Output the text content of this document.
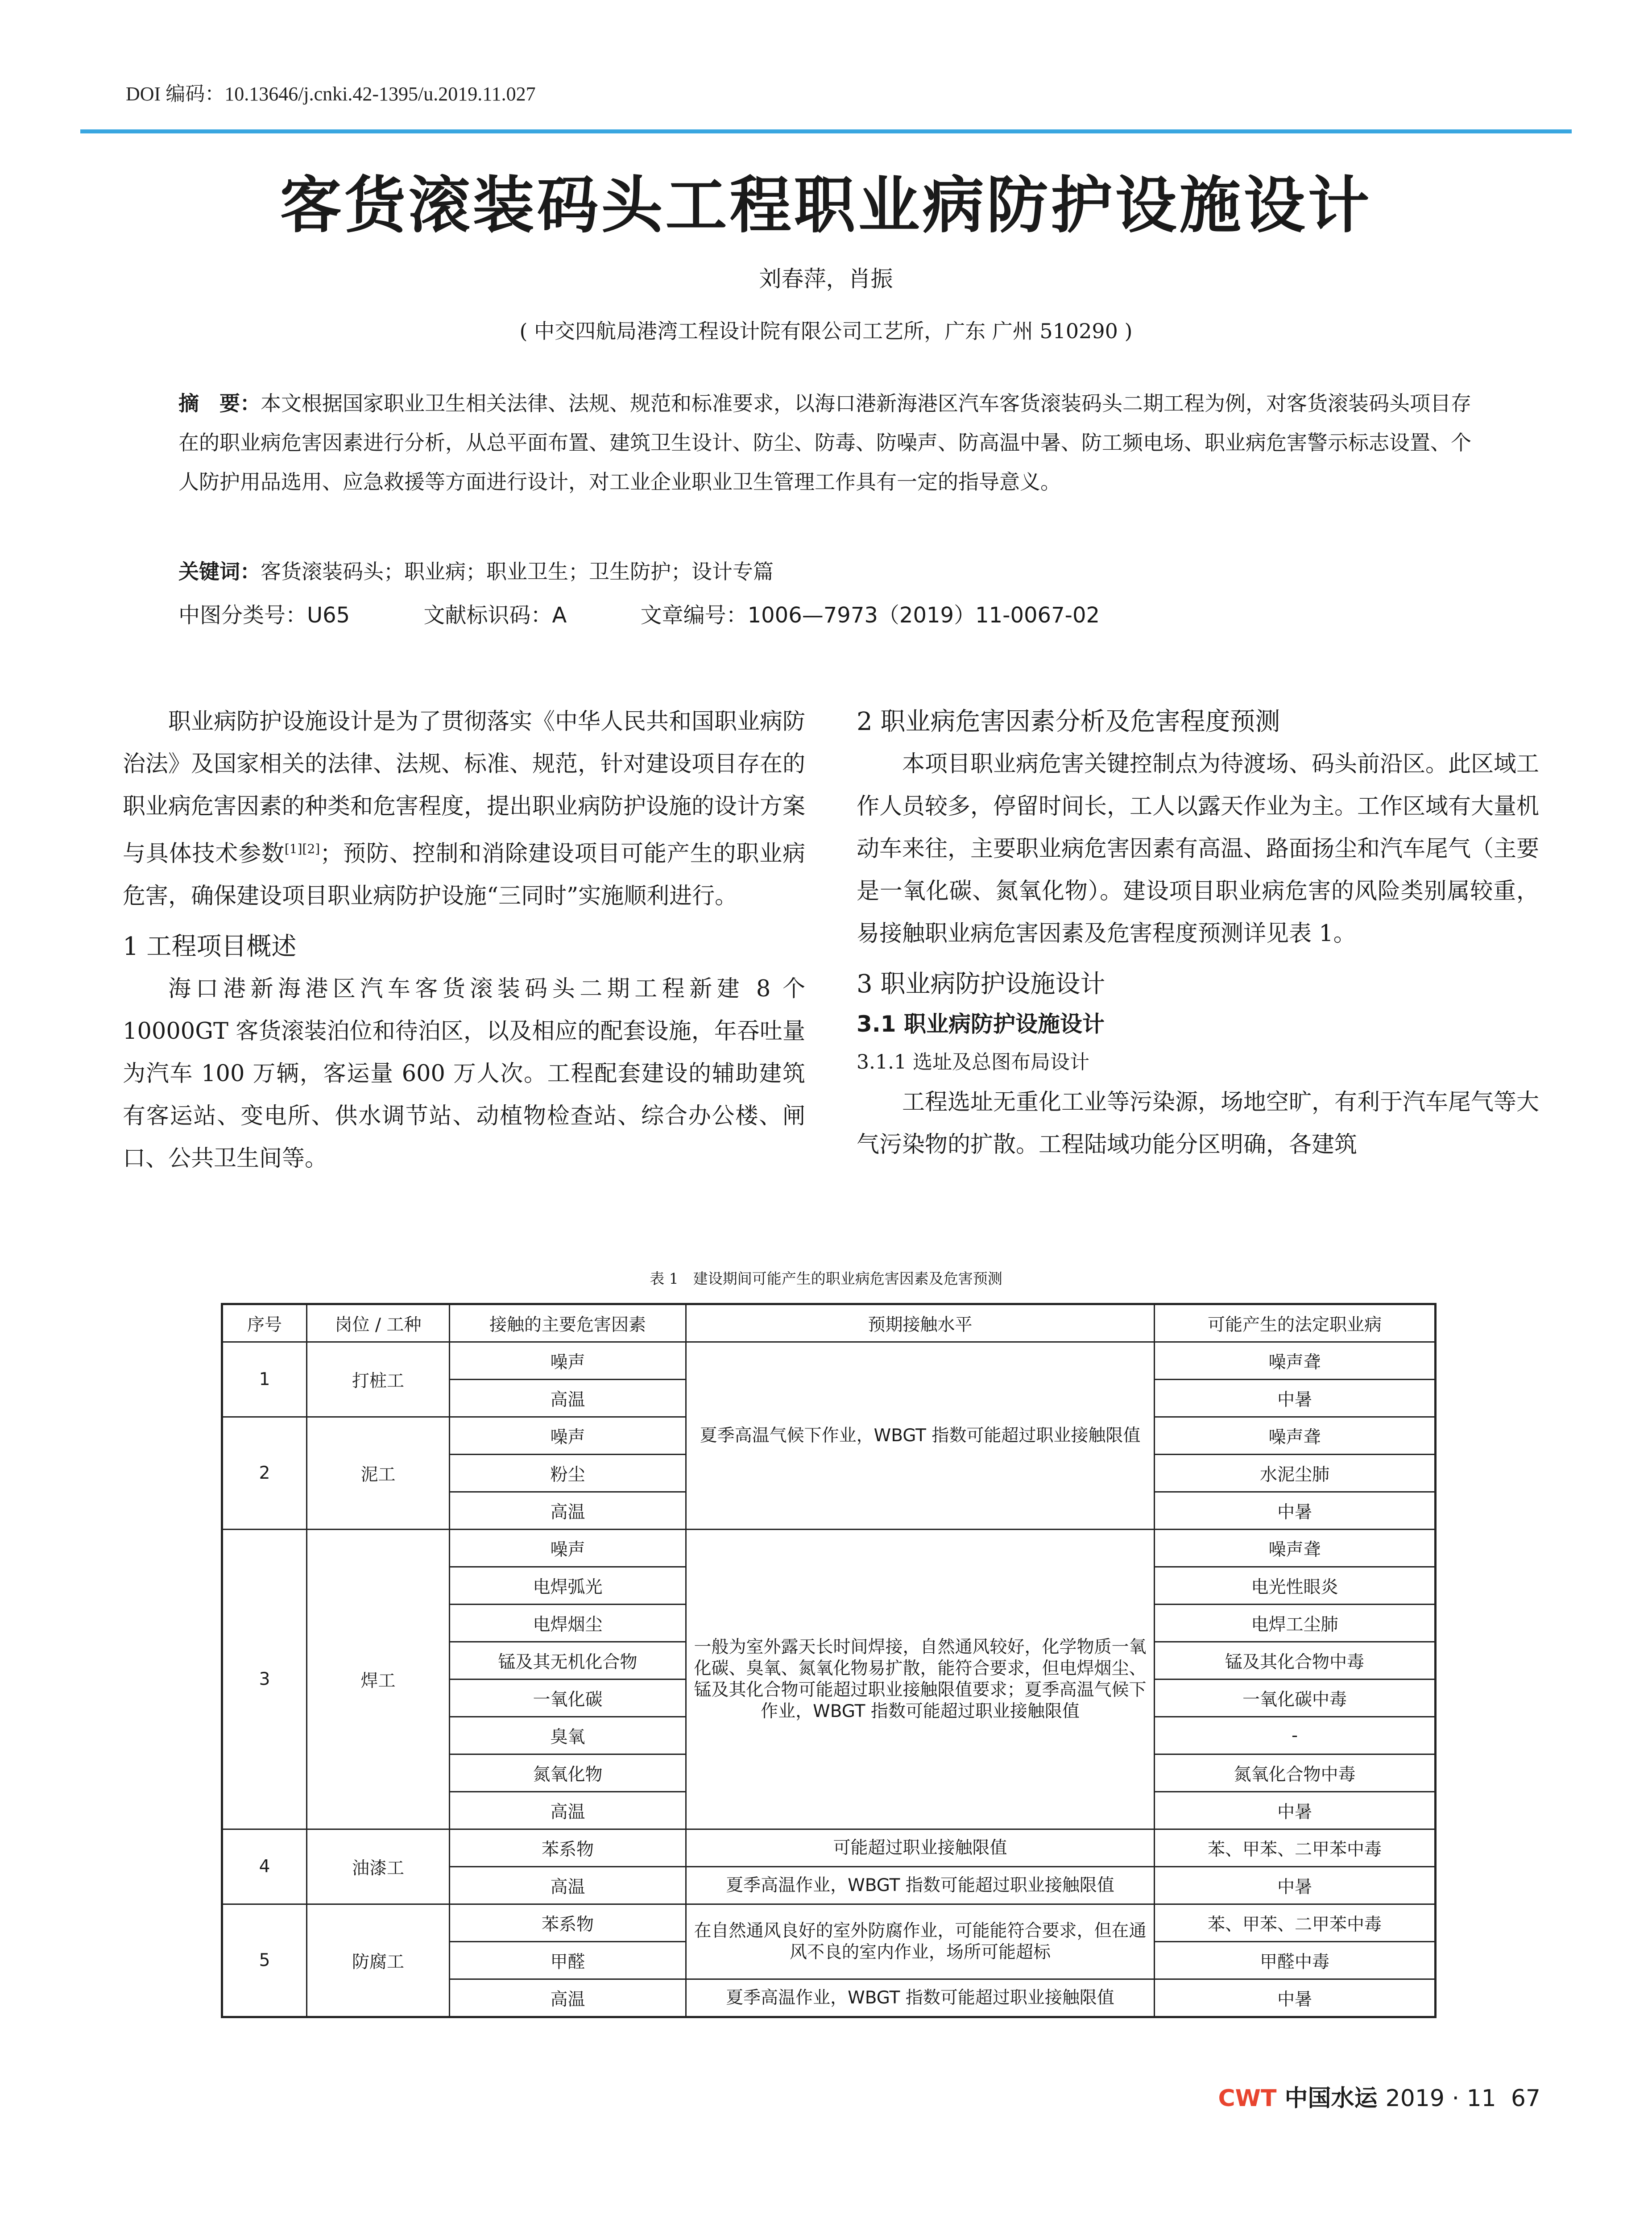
DOI 编码：10.13646/j.cnki.42-1395/u.2019.11.027
客货滚装码头工程职业病防护设施设计
刘春萍，肖振
( 中交四航局港湾工程设计院有限公司工艺所，广东 广州 510290 )
摘　要：本文根据国家职业卫生相关法律、法规、规范和标准要求，以海口港新海港区汽车客货滚装码头二期工程为例，对客货滚装码头项目存在的职业病危害因素进行分析，从总平面布置、建筑卫生设计、防尘、防毒、防噪声、防高温中暑、防工频电场、职业病危害警示标志设置、个人防护用品选用、应急救援等方面进行设计，对工业企业职业卫生管理工作具有一定的指导意义。
关键词：客货滚装码头；职业病；职业卫生；卫生防护；设计专篇
中图分类号：U65	文献标识码：A	文章编号：1006—7973（2019）11-0067-02

职业病防护设施设计是为了贯彻落实《中华人民共和国职业病防治法》及国家相关的法律、法规、标准、规范，针对建设项目存在的职业病危害因素的种类和危害程度，提出职业病防护设施的设计方案与具体技术参数[1][2]；预防、控制和消除建设项目可能产生的职业病危害，确保建设项目职业病防护设施“三同时”实施顺利进行。

1 工程项目概述

海口港新海港区汽车客货滚装码头二期工程新建 8 个 10000GT 客货滚装泊位和待泊区，以及相应的配套设施，年吞吐量为汽车 100 万辆，客运量 600 万人次。工程配套建设的辅助建筑有客运站、变电所、供水调节站、动植物检查站、综合办公楼、闸口、公共卫生间等。

2 职业病危害因素分析及危害程度预测

本项目职业病危害关键控制点为待渡场、码头前沿区。此区域工作人员较多，停留时间长，工人以露天作业为主。工作区域有大量机动车来往，主要职业病危害因素有高温、路面扬尘和汽车尾气（主要是一氧化碳、氮氧化物）。建设项目职业病危害的风险类别属较重，易接触职业病危害因素及危害程度预测详见表 1。

3 职业病防护设施设计
3.1 职业病防护设施设计
3.1.1 选址及总图布局设计

工程选址无重化工业等污染源，场地空旷，有利于汽车尾气等大气污染物的扩散。工程陆域功能分区明确，各建筑

表 1　建设期间可能产生的职业病危害因素及危害预测
序号	岗位 / 工种	接触的主要危害因素	预期接触水平	可能产生的法定职业病
1	打桩工	噪声	夏季高温气候下作业，WBGT 指数可能超过职业接触限值	噪声聋
		高温		中暑
2	泥工	噪声		噪声聋
		粉尘		水泥尘肺
		高温		中暑
3	焊工	噪声	一般为室外露天长时间焊接，自然通风较好，化学物质一氧化碳、臭氧、氮氧化物易扩散，能符合要求，但电焊烟尘、锰及其化合物可能超过职业接触限值要求；夏季高温气候下作业，WBGT 指数可能超过职业接触限值	噪声聋
		电焊弧光		电光性眼炎
		电焊烟尘		电焊工尘肺
		锰及其无机化合物		锰及其化合物中毒
		一氧化碳		一氧化碳中毒
		臭氧		-
		氮氧化物		氮氧化合物中毒
		高温		中暑
4	油漆工	苯系物	可能超过职业接触限值	苯、甲苯、二甲苯中毒
		高温	夏季高温作业，WBGT 指数可能超过职业接触限值	中暑
5	防腐工	苯系物	在自然通风良好的室外防腐作业，可能能符合要求，但在通风不良的室内作业，场所可能超标	苯、甲苯、二甲苯中毒
		甲醛		甲醛中毒
		高温	夏季高温作业，WBGT 指数可能超过职业接触限值	中暑
CWT 中国水运 2019 · 11 67
